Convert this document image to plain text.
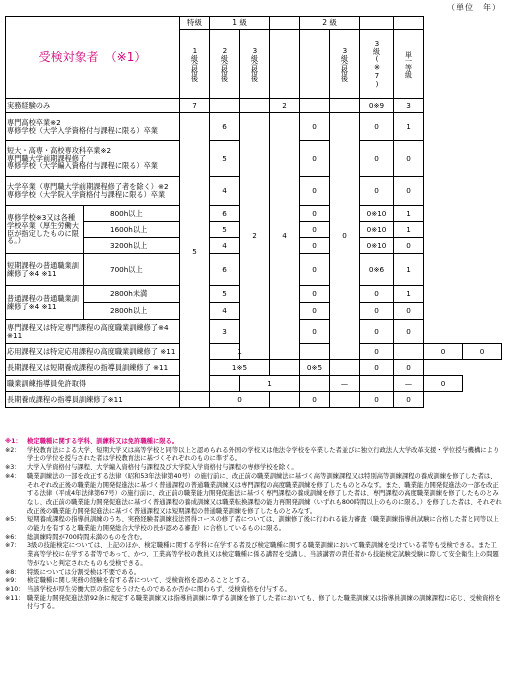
（単位　年）
受検対象者　（※1）		特級	1 級			2 級					

		1級合格後	2級合格後	3級合格後			3級合格後	3級(※7)	単一等級		

実務経験のみ		7			2			0※9	3		
専門高校卒業※2
専修学校（大学入学資格付与課程に限る）卒業		5	6	2	4	0	0	0	1		
短大・高専・高校専攻科卒業※2
専門職大学前期課程修了
専修学校（大学編入資格付与課程に限る）卒業			5			0		0	0		
大学卒業（専門職大学前期課程修了者を除く）※2
専修学校（大学院入学資格付与課程に限る）卒業			4			0		0	0		
専修学校※3又は各種学校卒業（厚生労働大臣が指定したものに限る。）	800h以上		6			0		0※10	1		
	1600h以上		5			0		0※10	1		
	3200h以上		4			0		0※10	0		
短期課程の普通職業訓練修了※4 ※11	700h以上		6			0		0※6	1		
普通課程の普通職業訓練修了※4 ※11	2800h未満		5			0		0	1		
	2800h以上		4			0		0	0		
専門課程又は特定専門課程の高度職業訓練修了※4 ※11			3			0		0	0		
応用課程又は特定応用課程の高度職業訓練修了 ※11			1					0		0	0
長期課程又は短期養成課程の指導員訓練修了 ※11			1※5			0※5		0	0		
職業訓練指導員免許取得				1			—		—	0	
長期養成課程の指導員訓練修了※11			0			0		0	0		
※1： 検定職種に関する学科、訓練科又は免許職種に限る。
※2：	学校教育法による大学、短期大学又は高等学校と同等以上と認められる外国の学校又は他法令学校を卒業した者並びに独立行政法人大学改革支援・学位授与機構により学士の学位を授与された者は学校教育法に基づくそれぞれのものに準ずる。
※3：	大学入学資格付与課程、大学編入資格付与課程及び大学院入学資格付与課程の専修学校を除く。
※4：	職業訓練法の一部を改正する法律（昭和53年法律第40号）の施行前に、改正前の職業訓練法に基づく高等訓練課程又は特別高等訓練課程の養成訓練を修了した者は、それぞれ改正後の職業能力開発促進法に基づく普通課程の普通職業訓練又は専門課程の高度職業訓練を修了したものとみなす。また、職業能力開発促進法の一部を改正する法律（平成4年法律第67号）の施行前に、改正前の職業能力開発促進法に基づく専門課程の養成訓練を修了した者は、専門課程の高度職業訓練を修了したものとみなし、改正前の職業能力開発促進法に基づく普通課程の養成訓練又は職業転換課程の能力再開発訓練（いずれも800時間以上のものに限る。）を修了した者は、それぞれ改正後の職業能力開発促進法に基づく普通課程又は短期課程の普通職業訓練を修了したものとみなす。
※5：	短期養成課程の指導員訓練のうち、実務経験者訓練技法習得コースの修了者については、訓練修了後に行われる能力審査（職業訓練指導員試験に合格した者と同等以上の能力を有すると職業能力開発総合大学校の長が認める審査）に合格しているものに限る。
※6：	総訓練時間が700時間未満のものを含む。
※7：	3級の技能検定については、上記のほか、検定職種に関する学科に在学する者及び検定職種に関する職業訓練において職業訓練を受けている者等も受検できる。また工業高等学校に在学する者等であって、かつ、工業高等学校の教員又は検定職種に係る講習を受講し、当該講習の責任者から技能検定試験受験に際して安全衛生上の問題等がないと判定されたものも受検できる。
※8：	特級については分割受検は不要である。
※9：	検定職種に関し実務の経験を有する者について、受検資格を認めることとする。
※10： 当該学校が厚生労働大臣の指定をうけたものであるか否かに関わらず、受検資格を付与する。
※11： 職業能力開発促進法第92条に規定する職業訓練又は指導員訓練に準ずる訓練を修了した者においても、修了した職業訓練又は指導員訓練の訓練課程に応じ、受検資格を付与する。
